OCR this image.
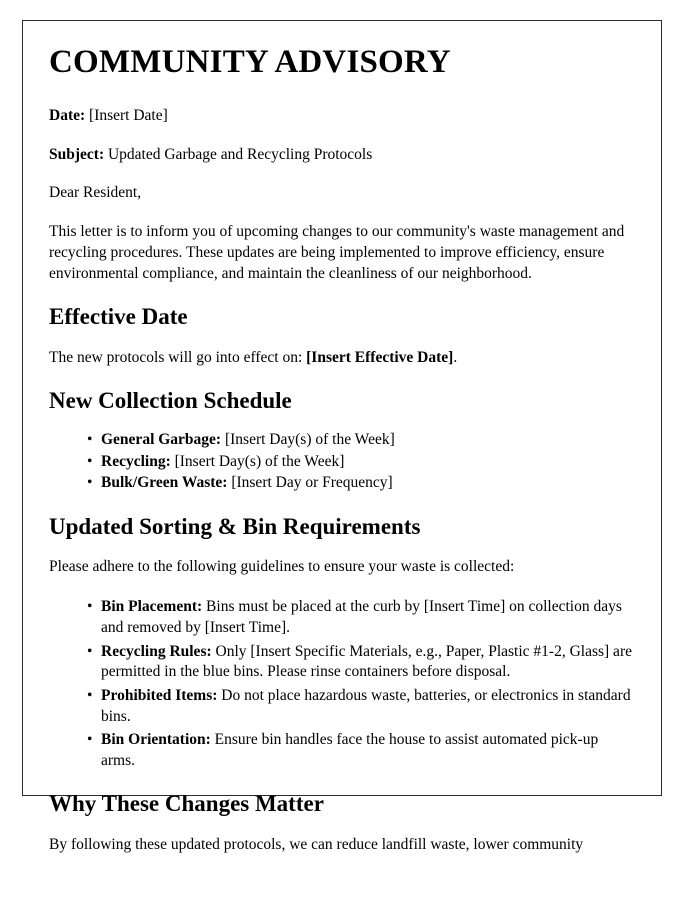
COMMUNITY ADVISORY

Date: [Insert Date]

Subject: Updated Garbage and Recycling Protocols

Dear Resident,

This letter is to inform you of upcoming changes to our community's waste management and recycling procedures. These updates are being implemented to improve efficiency, ensure environmental compliance, and maintain the cleanliness of our neighborhood.

Effective Date

The new protocols will go into effect on: [Insert Effective Date].

New Collection Schedule
• General Garbage: [Insert Day(s) of the Week]
• Recycling: [Insert Day(s) of the Week]
• Bulk/Green Waste: [Insert Day or Frequency]
Updated Sorting & Bin Requirements

Please adhere to the following guidelines to ensure your waste is collected:

• Bin Placement: Bins must be placed at the curb by [Insert Time] on collection days and removed by [Insert Time].
• Recycling Rules: Only [Insert Specific Materials, e.g., Paper, Plastic #1-2, Glass] are permitted in the blue bins. Please rinse containers before disposal.
• Prohibited Items: Do not place hazardous waste, batteries, or electronics in standard bins.
• Bin Orientation: Ensure bin handles face the house to assist automated pick-up arms.
Why These Changes Matter

By following these updated protocols, we can reduce landfill waste, lower community
